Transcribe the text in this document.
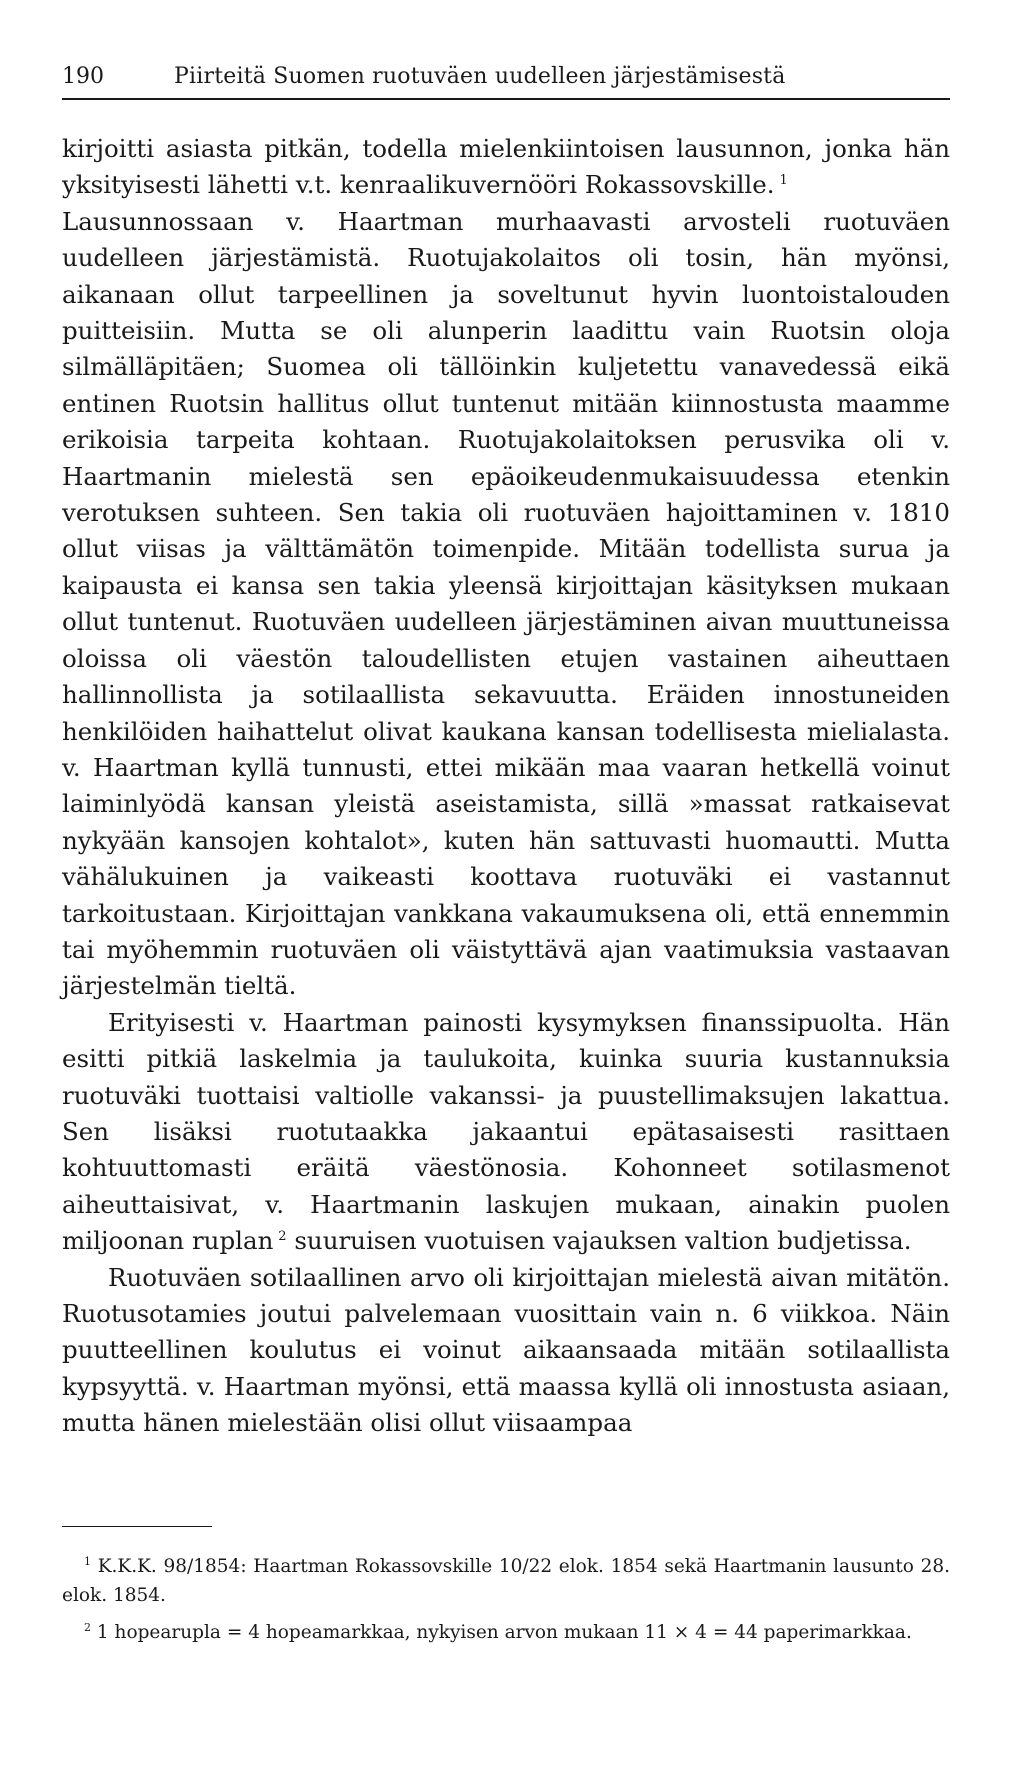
190	Piirteitä Suomen ruotuväen uudelleen järjestämisestä

kirjoitti asiasta pitkän, todella mielenkiintoisen lausunnon, jonka hän yksityisesti lähetti v.t. kenraalikuvernööri Rokassovskille.  $^1$

Lausunnossaan v. Haartman murhaavasti arvosteli ruotuväen uudelleen järjestämistä. Ruotujakolaitos oli tosin, hän myönsi, aikanaan ollut tarpeellinen ja soveltunut hyvin luontoistalouden puitteisiin. Mutta se oli alunperin laadittu vain Ruotsin oloja silmälläpitäen; Suomea oli tällöinkin kuljetettu vanavedessä eikä entinen Ruotsin hallitus ollut tuntenut mitään kiinnostusta maamme erikoisia tarpeita kohtaan. Ruotujakolaitoksen perusvika oli v. Haartmanin mielestä sen epäoikeudenmukaisuudessa etenkin verotuksen suhteen. Sen takia oli ruotuväen hajoittaminen v. 1810 ollut viisas ja välttämätön toimenpide. Mitään todellista surua ja kaipausta ei kansa sen takia yleensä kirjoittajan käsityksen mukaan ollut tuntenut. Ruotuväen uudelleen järjestäminen aivan muuttuneissa oloissa oli väestön taloudellisten etujen vastainen aiheuttaen hallinnollista ja sotilaallista sekavuutta. Eräiden innostuneiden henkilöiden haihattelut olivat kaukana kansan todellisesta mielialasta. v. Haartman kyllä tunnusti, ettei mikään maa vaaran hetkellä voinut laiminlyödä kansan yleistä aseistamista, sillä »massat ratkaisevat nykyään kansojen kohtalot», kuten hän sattuvasti huomautti. Mutta vähälukuinen ja vaikeasti koottava ruotuväki ei vastannut tarkoitustaan. Kirjoittajan vankkana vakaumuksena oli, että ennemmin tai myöhemmin ruotuväen oli väistyttävä ajan vaatimuksia vastaavan järjestelmän tieltä.

Erityisesti v. Haartman painosti kysymyksen finanssipuolta. Hän esitti pitkiä laskelmia ja taulukoita, kuinka suuria kustannuksia ruotuväki tuottaisi valtiolle vakanssi- ja puustellimaksujen lakattua. Sen lisäksi ruotutaakka jakaantui epätasaisesti rasittaen kohtuuttomasti eräitä väestönosia. Kohonneet sotilasmenot aiheuttaisivat, v. Haartmanin laskujen mukaan, ainakin puolen miljoonan ruplan  $^2$ suuruisen vuotuisen vajauksen valtion budjetissa.

Ruotuväen sotilaallinen arvo oli kirjoittajan mielestä aivan mitätön. Ruotusotamies joutui palvelemaan vuosittain vain n. 6 viikkoa. Näin puutteellinen koulutus ei voinut aikaansaada mitään sotilaallista kypsyyttä. v. Haartman myönsi, että maassa kyllä oli innostusta asiaan, mutta hänen mielestään olisi ollut viisaampaa

$^1$ K.K.K. 98/1854: Haartman Rokassovskille 10/22 elok. 1854 sekä Haartmanin lausunto 28. elok. 1854.

$^2$ 1 hopearupla = 4 hopeamarkkaa, nykyisen arvon mukaan 11 × 4 = 44 paperimarkkaa.
